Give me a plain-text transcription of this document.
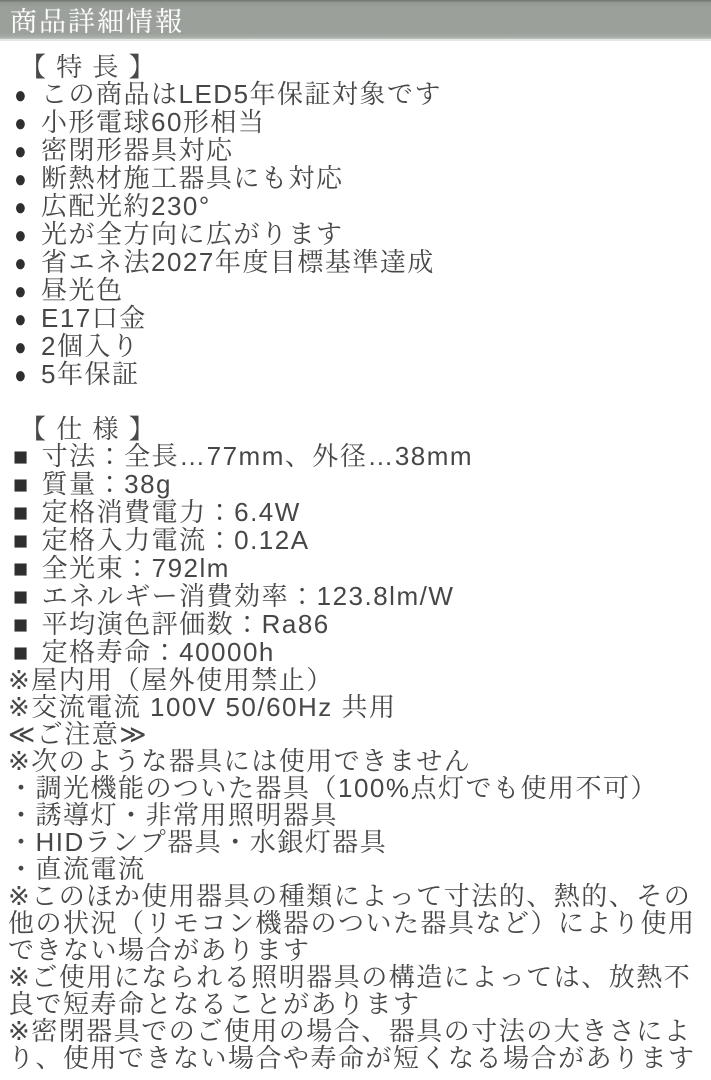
商品詳細情報
【 特 長 】
● この商品はLED5年保証対象です
● 小形電球60形相当
● 密閉形器具対応
● 断熱材施工器具にも対応
● 広配光約230°
● 光が全方向に広がります
● 省エネ法2027年度目標基準達成
● 昼光色
● E17口金
● 2個入り
● 5年保証
【 仕 様 】
■ 寸法：全長…77mm、外径…38mm
■ 質量：38g
■ 定格消費電力：6.4W
■ 定格入力電流：0.12A
■ 全光束：792lm
■ エネルギー消費効率：123.8lm/W
■ 平均演色評価数：Ra86
■ 定格寿命：40000h
※屋内用（屋外使用禁止）
※交流電流 100V 50/60Hz 共用
≪ご注意≫
※次のような器具には使用できません
・調光機能のついた器具（100%点灯でも使用不可）
・誘導灯・非常用照明器具
・HIDランプ器具・水銀灯器具
・直流電流

※このほか使用器具の種類によって寸法的、熱的、その他の状況（リモコン機器のついた器具など）により使用できない場合があります

※ご使用になられる照明器具の構造によっては、放熱不良で短寿命となることがあります

※密閉器具でのご使用の場合、器具の寸法の大きさにより、使用できない場合や寿命が短くなる場合があります
